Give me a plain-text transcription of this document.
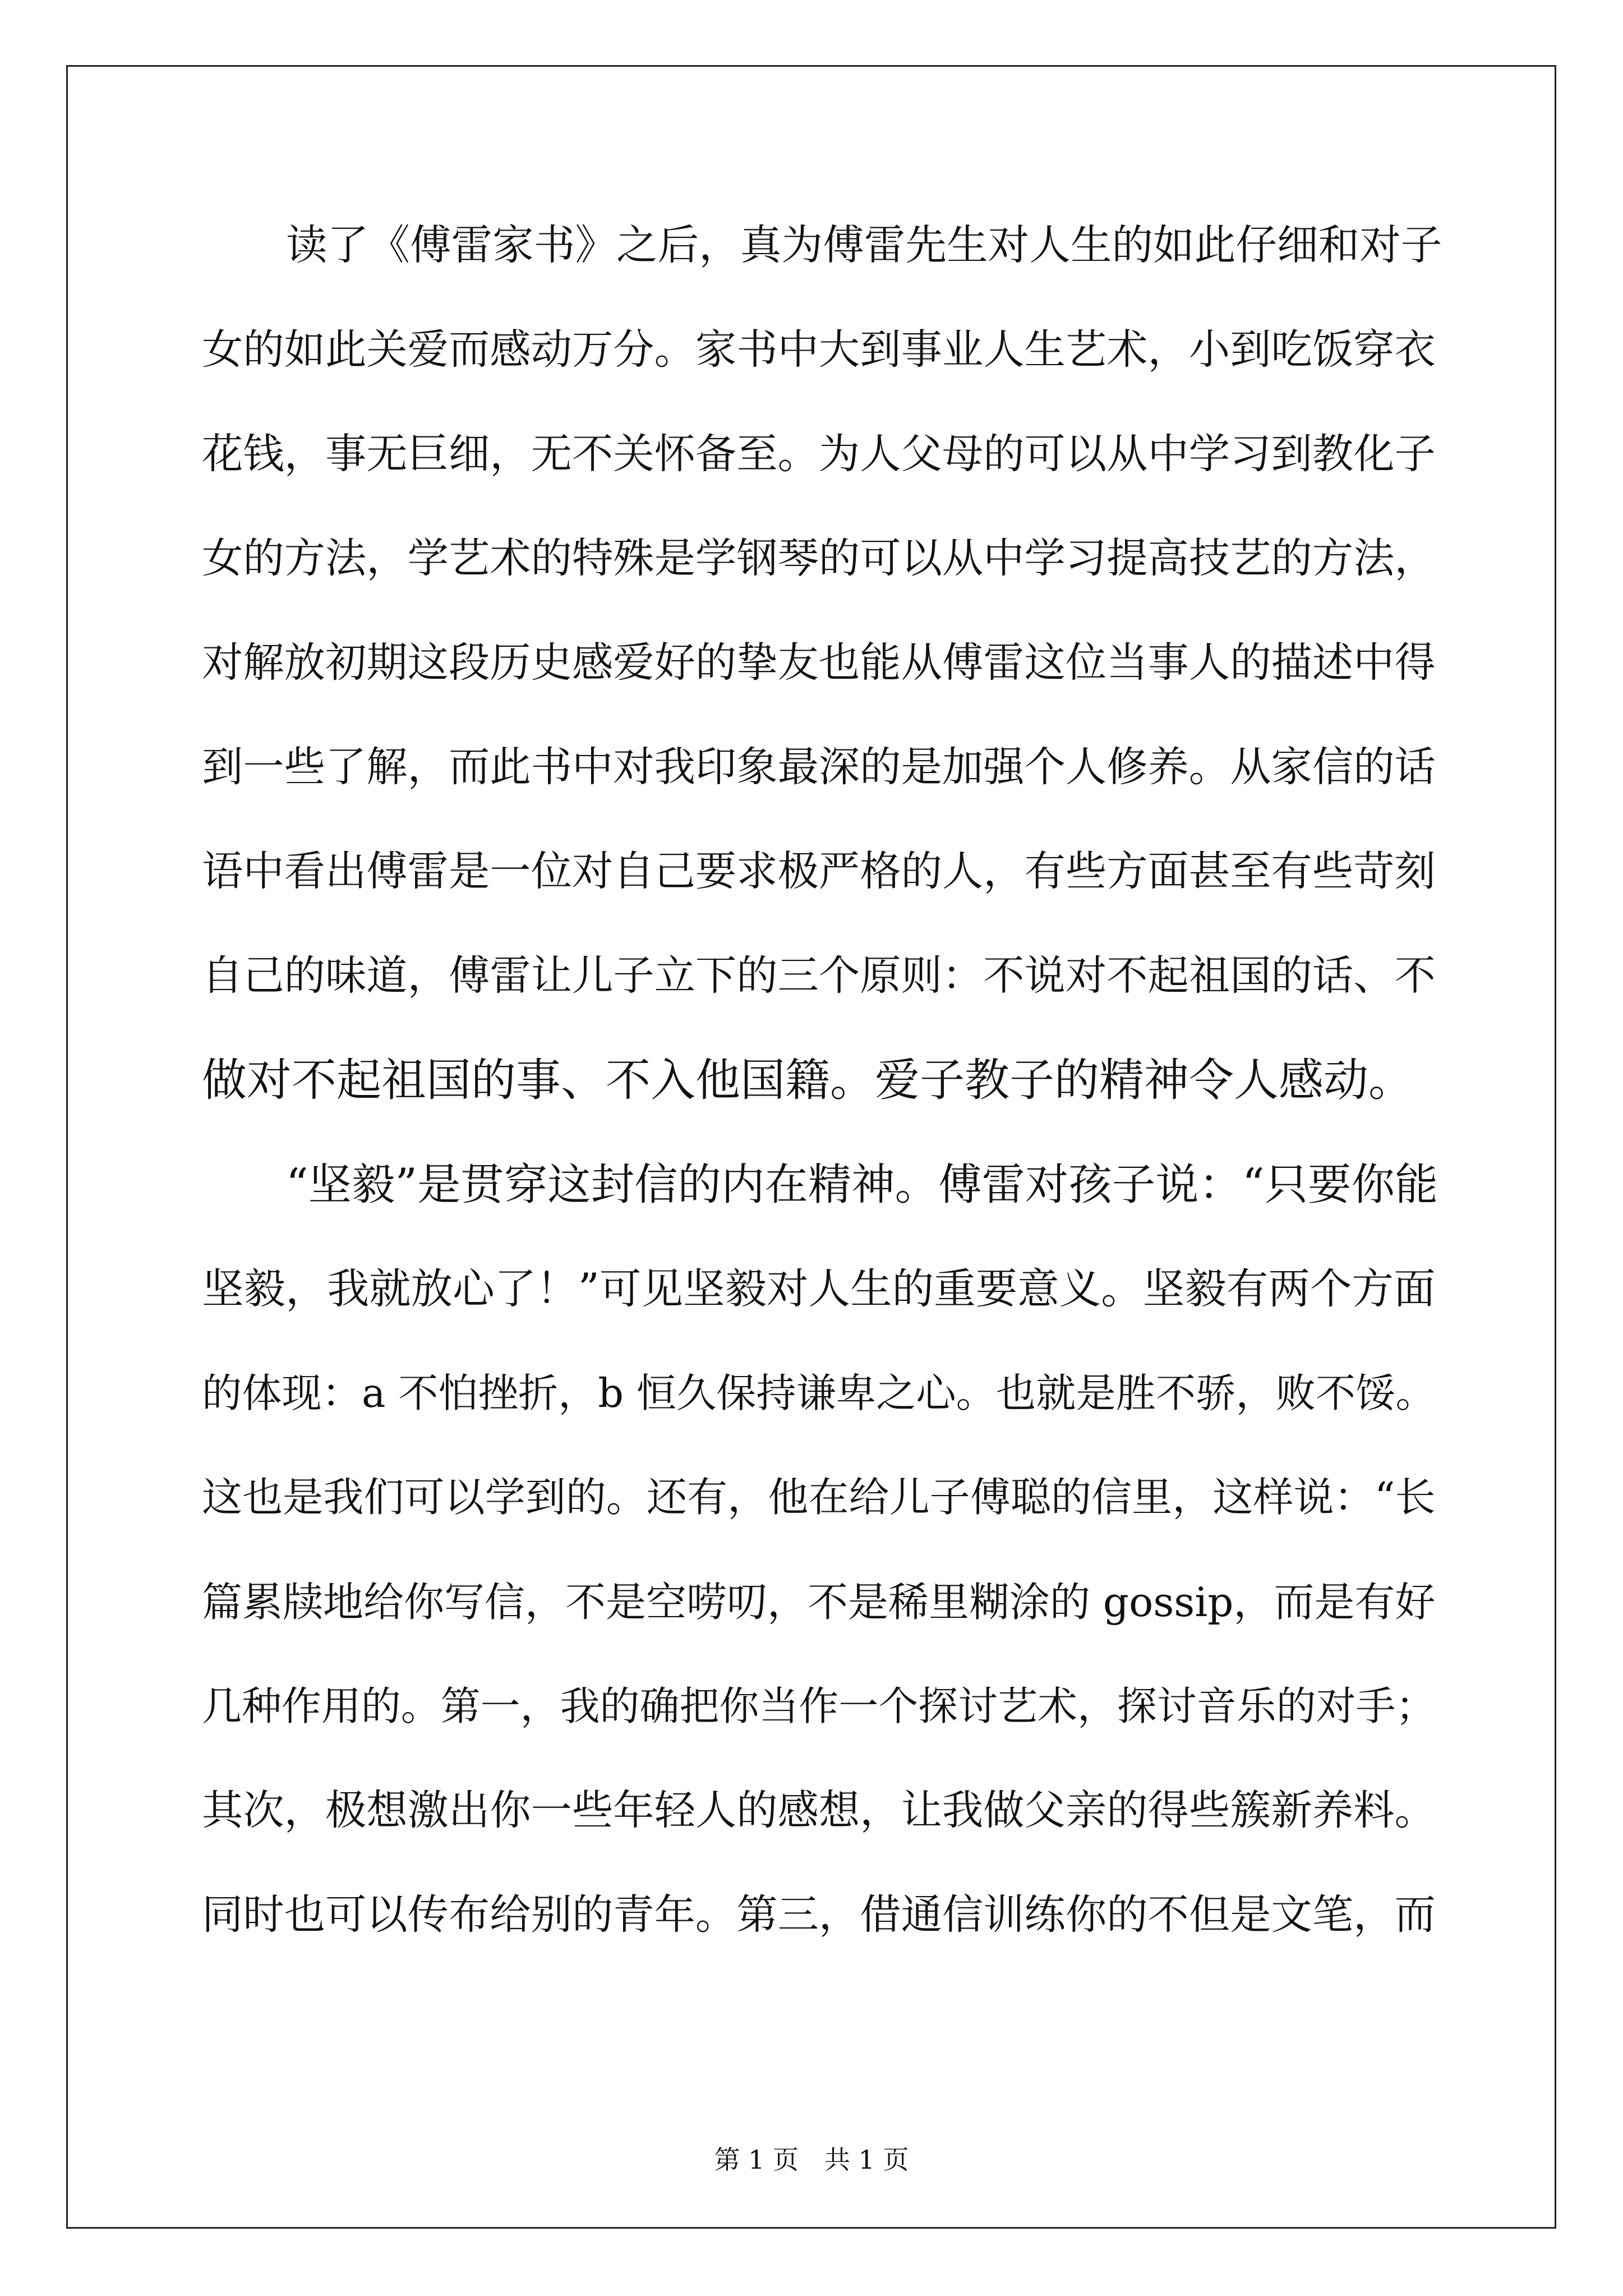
读了《傅雷家书》之后，真为傅雷先生对人生的如此仔细和对子
女的如此关爱而感动万分。家书中大到事业人生艺术，小到吃饭穿衣
花钱，事无巨细，无不关怀备至。为人父母的可以从中学习到教化子
女的方法，学艺术的特殊是学钢琴的可以从中学习提高技艺的方法，
对解放初期这段历史感爱好的挚友也能从傅雷这位当事人的描述中得
到一些了解，而此书中对我印象最深的是加强个人修养。从家信的话
语中看出傅雷是一位对自己要求极严格的人，有些方面甚至有些苛刻
自己的味道，傅雷让儿子立下的三个原则：不说对不起祖国的话、不
做对不起祖国的事、不入他国籍。爱子教子的精神令人感动。
“坚毅”是贯穿这封信的内在精神。傅雷对孩子说：“只要你能
坚毅，我就放心了！”可见坚毅对人生的重要意义。坚毅有两个方面
的体现：a 不怕挫折，b 恒久保持谦卑之心。也就是胜不骄，败不馁。
这也是我们可以学到的。还有，他在给儿子傅聪的信里，这样说：“长
篇累牍地给你写信，不是空唠叨，不是稀里糊涂的 gossip，而是有好
几种作用的。第一，我的确把你当作一个探讨艺术，探讨音乐的对手；
其次，极想激出你一些年轻人的感想，让我做父亲的得些簇新养料。
同时也可以传布给别的青年。第三，借通信训练你的不但是文笔，而
第 1 页　共 1 页
